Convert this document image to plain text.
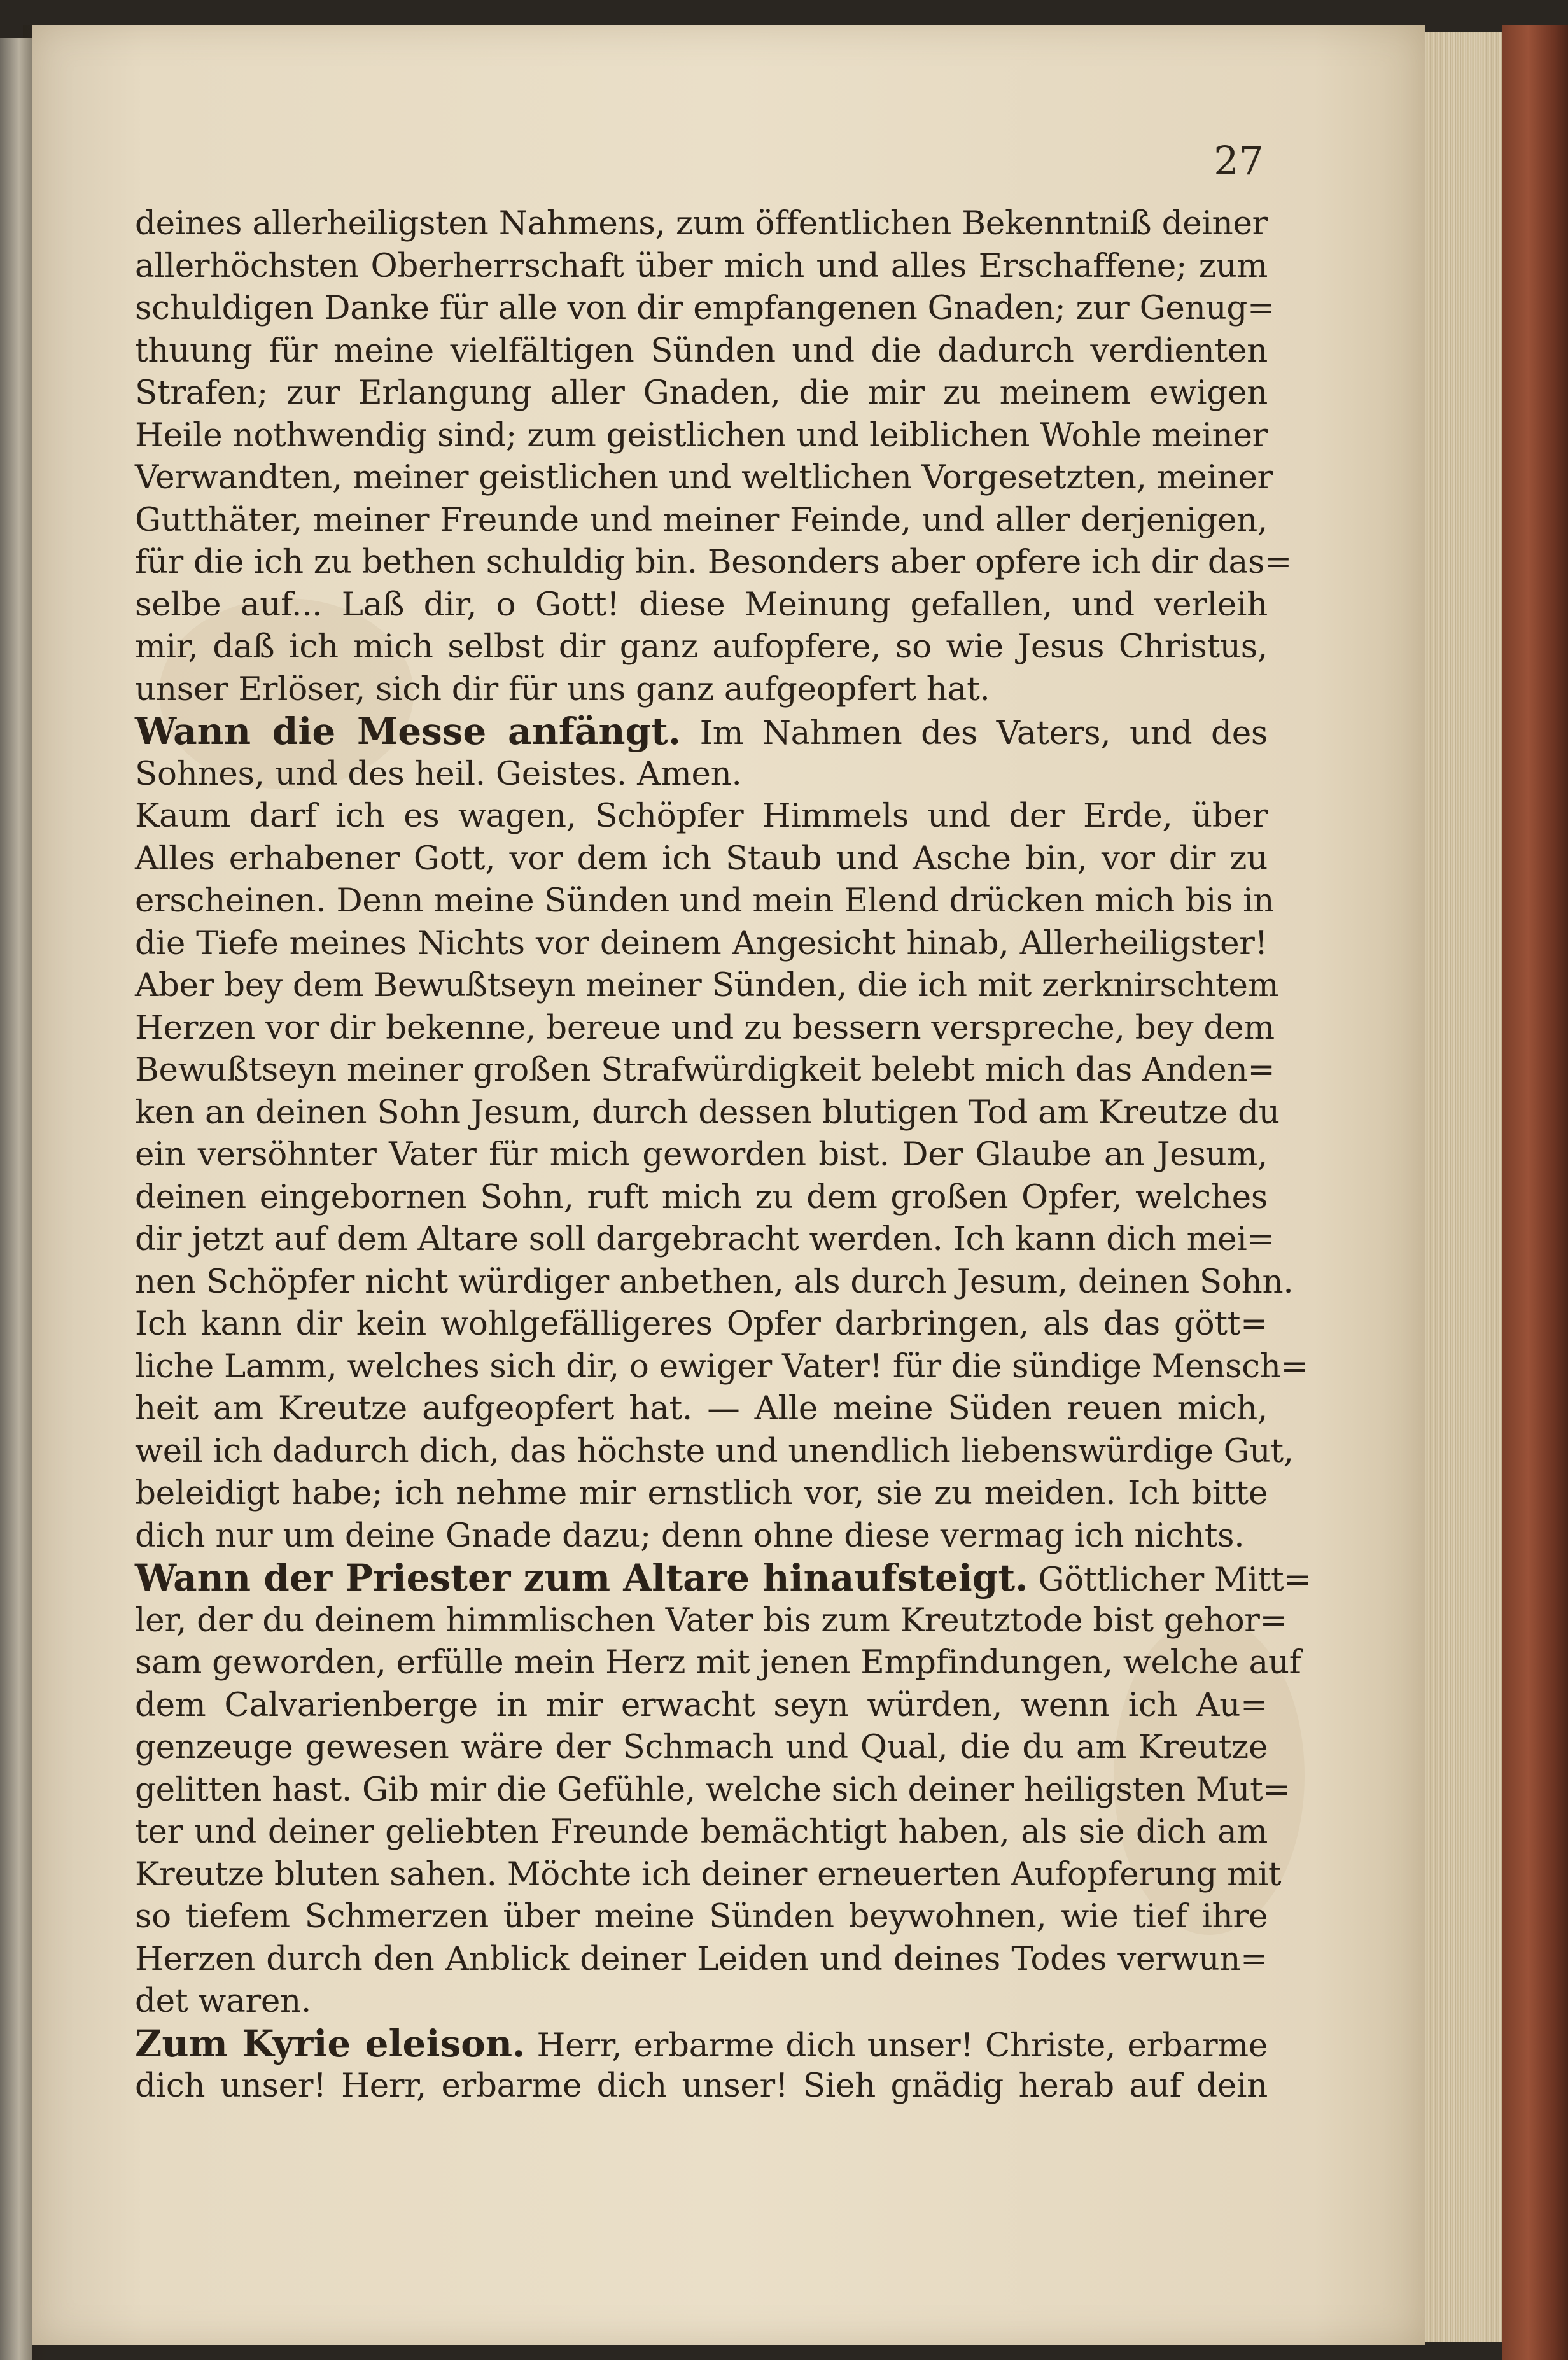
27
deines allerheiligsten Nahmens, zum öffentlichen Bekenntniß deiner
allerhöchsten Oberherrschaft über mich und alles Erschaffene; zum
schuldigen Danke für alle von dir empfangenen Gnaden; zur Genug=
thuung für meine vielfältigen Sünden und die dadurch verdienten
Strafen; zur Erlangung aller Gnaden, die mir zu meinem ewigen
Heile nothwendig sind; zum geistlichen und leiblichen Wohle meiner
Verwandten, meiner geistlichen und weltlichen Vorgesetzten, meiner
Gutthäter, meiner Freunde und meiner Feinde, und aller derjenigen,
für die ich zu bethen schuldig bin. Besonders aber opfere ich dir das=
selbe auf... Laß dir, o Gott! diese Meinung gefallen, und verleih
mir, daß ich mich selbst dir ganz aufopfere, so wie Jesus Christus,
unser Erlöser, sich dir für uns ganz aufgeopfert hat.
Wann die Messe anfängt. Im Nahmen des Vaters, und des
Sohnes, und des heil. Geistes. Amen.
Kaum darf ich es wagen, Schöpfer Himmels und der Erde, über
Alles erhabener Gott, vor dem ich Staub und Asche bin, vor dir zu
erscheinen. Denn meine Sünden und mein Elend drücken mich bis in
die Tiefe meines Nichts vor deinem Angesicht hinab, Allerheiligster!
Aber bey dem Bewußtseyn meiner Sünden, die ich mit zerknirschtem
Herzen vor dir bekenne, bereue und zu bessern verspreche, bey dem
Bewußtseyn meiner großen Strafwürdigkeit belebt mich das Anden=
ken an deinen Sohn Jesum, durch dessen blutigen Tod am Kreutze du
ein versöhnter Vater für mich geworden bist. Der Glaube an Jesum,
deinen eingebornen Sohn, ruft mich zu dem großen Opfer, welches
dir jetzt auf dem Altare soll dargebracht werden. Ich kann dich mei=
nen Schöpfer nicht würdiger anbethen, als durch Jesum, deinen Sohn.
Ich kann dir kein wohlgefälligeres Opfer darbringen, als das gött=
liche Lamm, welches sich dir, o ewiger Vater! für die sündige Mensch=
heit am Kreutze aufgeopfert hat. — Alle meine Süden reuen mich,
weil ich dadurch dich, das höchste und unendlich liebenswürdige Gut,
beleidigt habe; ich nehme mir ernstlich vor, sie zu meiden. Ich bitte
dich nur um deine Gnade dazu; denn ohne diese vermag ich nichts.
Wann der Priester zum Altare hinaufsteigt. Göttlicher Mitt=
ler, der du deinem himmlischen Vater bis zum Kreutztode bist gehor=
sam geworden, erfülle mein Herz mit jenen Empfindungen, welche auf
dem Calvarienberge in mir erwacht seyn würden, wenn ich Au=
genzeuge gewesen wäre der Schmach und Qual, die du am Kreutze
gelitten hast. Gib mir die Gefühle, welche sich deiner heiligsten Mut=
ter und deiner geliebten Freunde bemächtigt haben, als sie dich am
Kreutze bluten sahen. Möchte ich deiner erneuerten Aufopferung mit
so tiefem Schmerzen über meine Sünden beywohnen, wie tief ihre
Herzen durch den Anblick deiner Leiden und deines Todes verwun=
det waren.
Zum Kyrie eleison. Herr, erbarme dich unser! Christe, erbarme
dich unser! Herr, erbarme dich unser! Sieh gnädig herab auf dein
